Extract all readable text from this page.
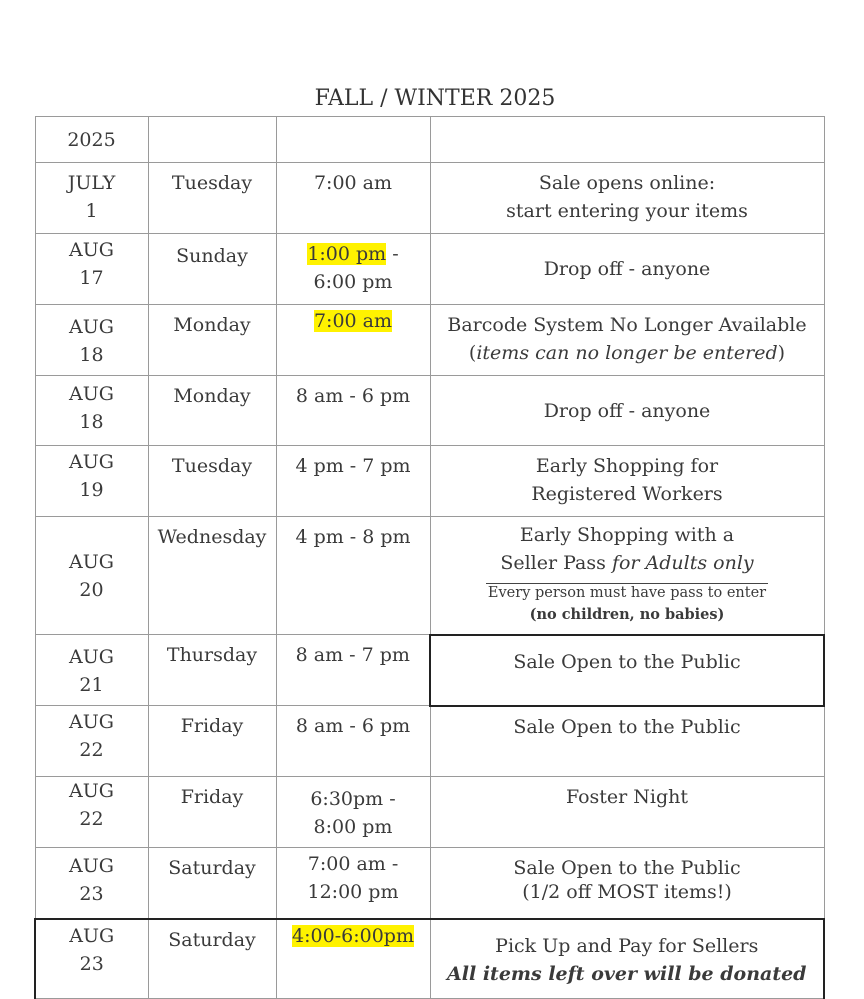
FALL / WINTER 2025
2025			

JULY
1	Tuesday	7:00 am	Sale opens online:
start entering your items

AUG
17	Sunday	1:00 pm -
6:00 pm	Drop off - anyone

AUG
18	Monday	7:00 am	Barcode System No Longer Available
(items can no longer be entered)

AUG
18	Monday	8 am - 6 pm	Drop off - anyone

AUG
19	Tuesday	4 pm - 7 pm	Early Shopping for
Registered Workers

AUG
20	Wednesday	4 pm - 8 pm	Early Shopping with a
Seller Pass for Adults only
Every person must have pass to enter
(no children, no babies)

AUG
21	Thursday	8 am - 7 pm	Sale Open to the Public

AUG
22	Friday	8 am - 6 pm	Sale Open to the Public

AUG
22	Friday	6:30pm -
8:00 pm	Foster Night

AUG
23	Saturday	7:00 am -
12:00 pm	Sale Open to the Public
(1/2 off MOST items!)

AUG
23	Saturday	4:00-6:00pm	Pick Up and Pay for Sellers
All items left over will be donated
